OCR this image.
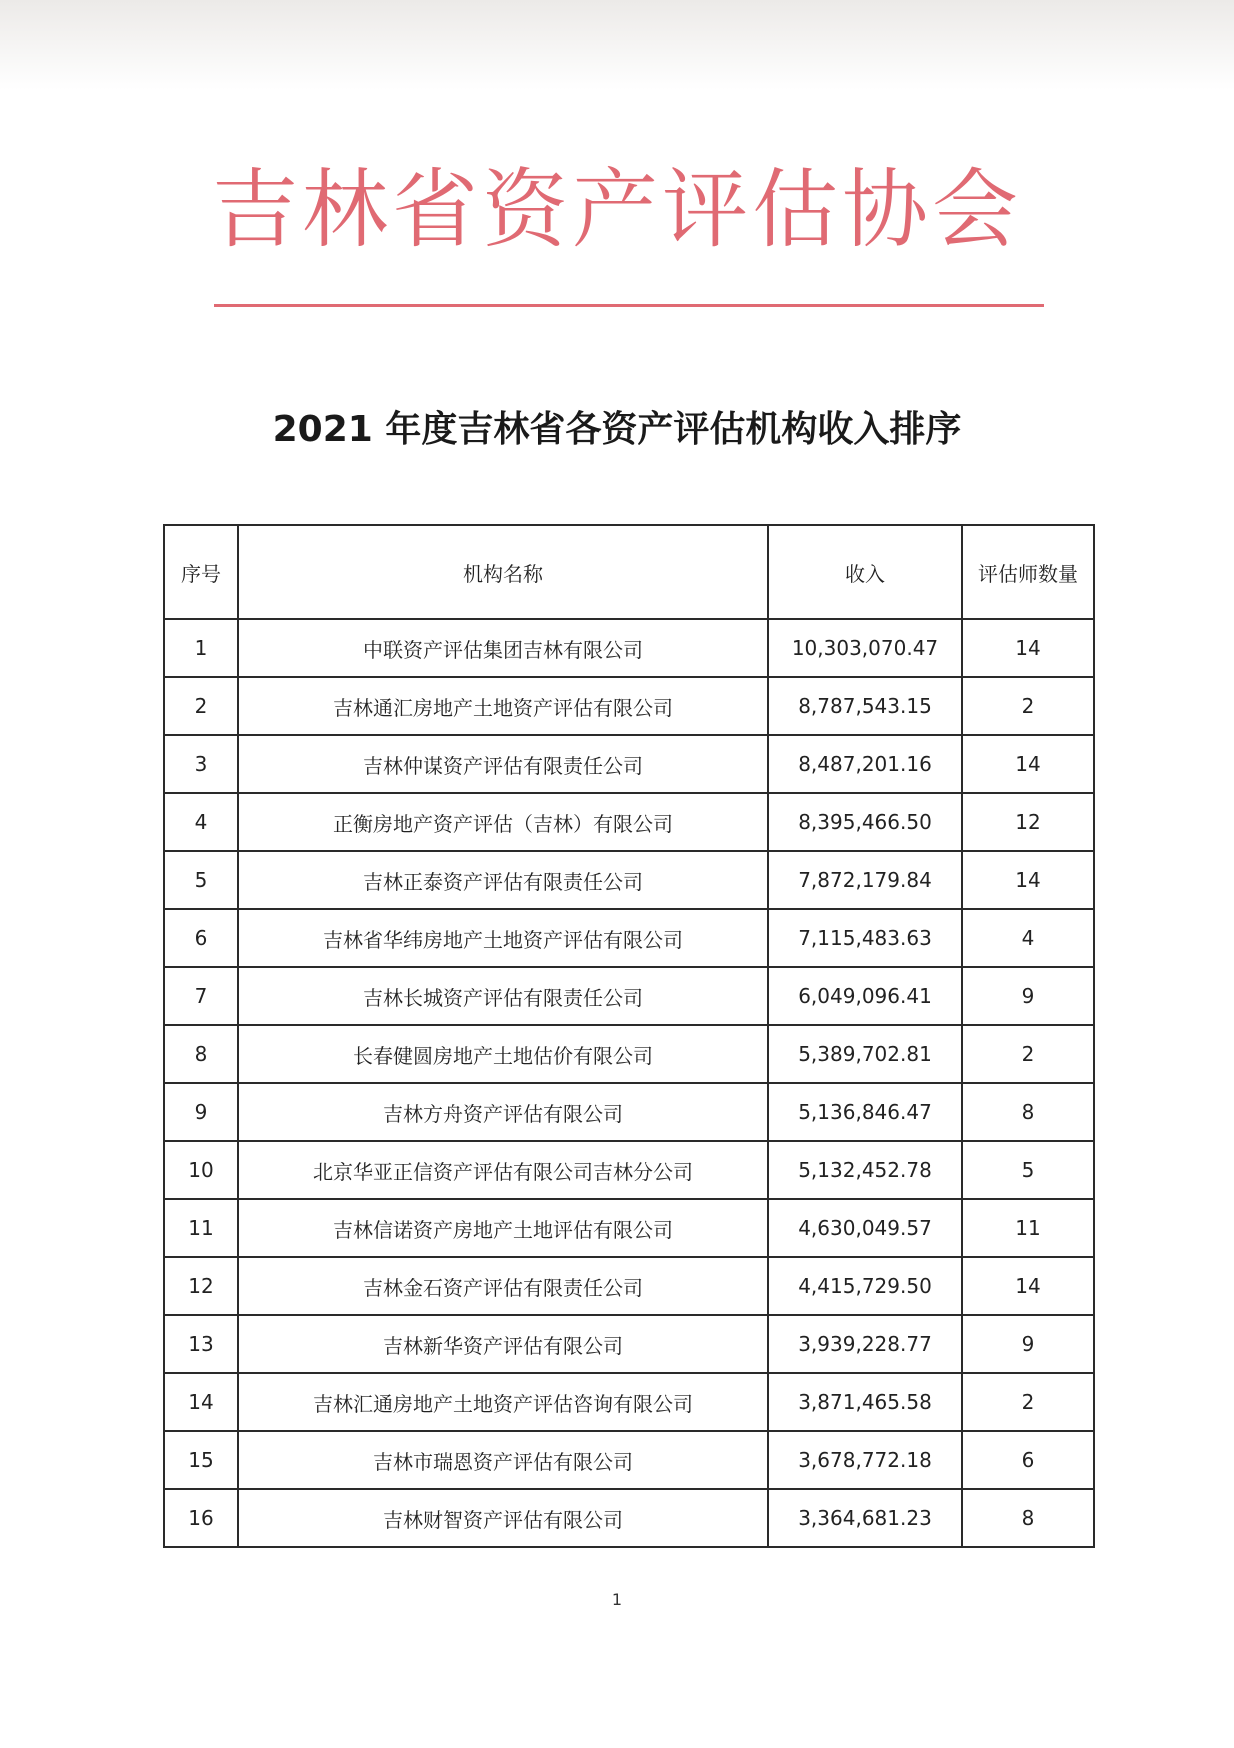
吉林省资产评估协会
2021 年度吉林省各资产评估机构收入排序
序号	机构名称	收入	评估师数量
1	中联资产评估集团吉林有限公司	10,303,070.47	14
2	吉林通汇房地产土地资产评估有限公司	8,787,543.15	2
3	吉林仲谋资产评估有限责任公司	8,487,201.16	14
4	正衡房地产资产评估（吉林）有限公司	8,395,466.50	12
5	吉林正泰资产评估有限责任公司	7,872,179.84	14
6	吉林省华纬房地产土地资产评估有限公司	7,115,483.63	4
7	吉林长城资产评估有限责任公司	6,049,096.41	9
8	长春健圆房地产土地估价有限公司	5,389,702.81	2
9	吉林方舟资产评估有限公司	5,136,846.47	8
10	北京华亚正信资产评估有限公司吉林分公司	5,132,452.78	5
11	吉林信诺资产房地产土地评估有限公司	4,630,049.57	11
12	吉林金石资产评估有限责任公司	4,415,729.50	14
13	吉林新华资产评估有限公司	3,939,228.77	9
14	吉林汇通房地产土地资产评估咨询有限公司	3,871,465.58	2
15	吉林市瑞恩资产评估有限公司	3,678,772.18	6
16	吉林财智资产评估有限公司	3,364,681.23	8
1
